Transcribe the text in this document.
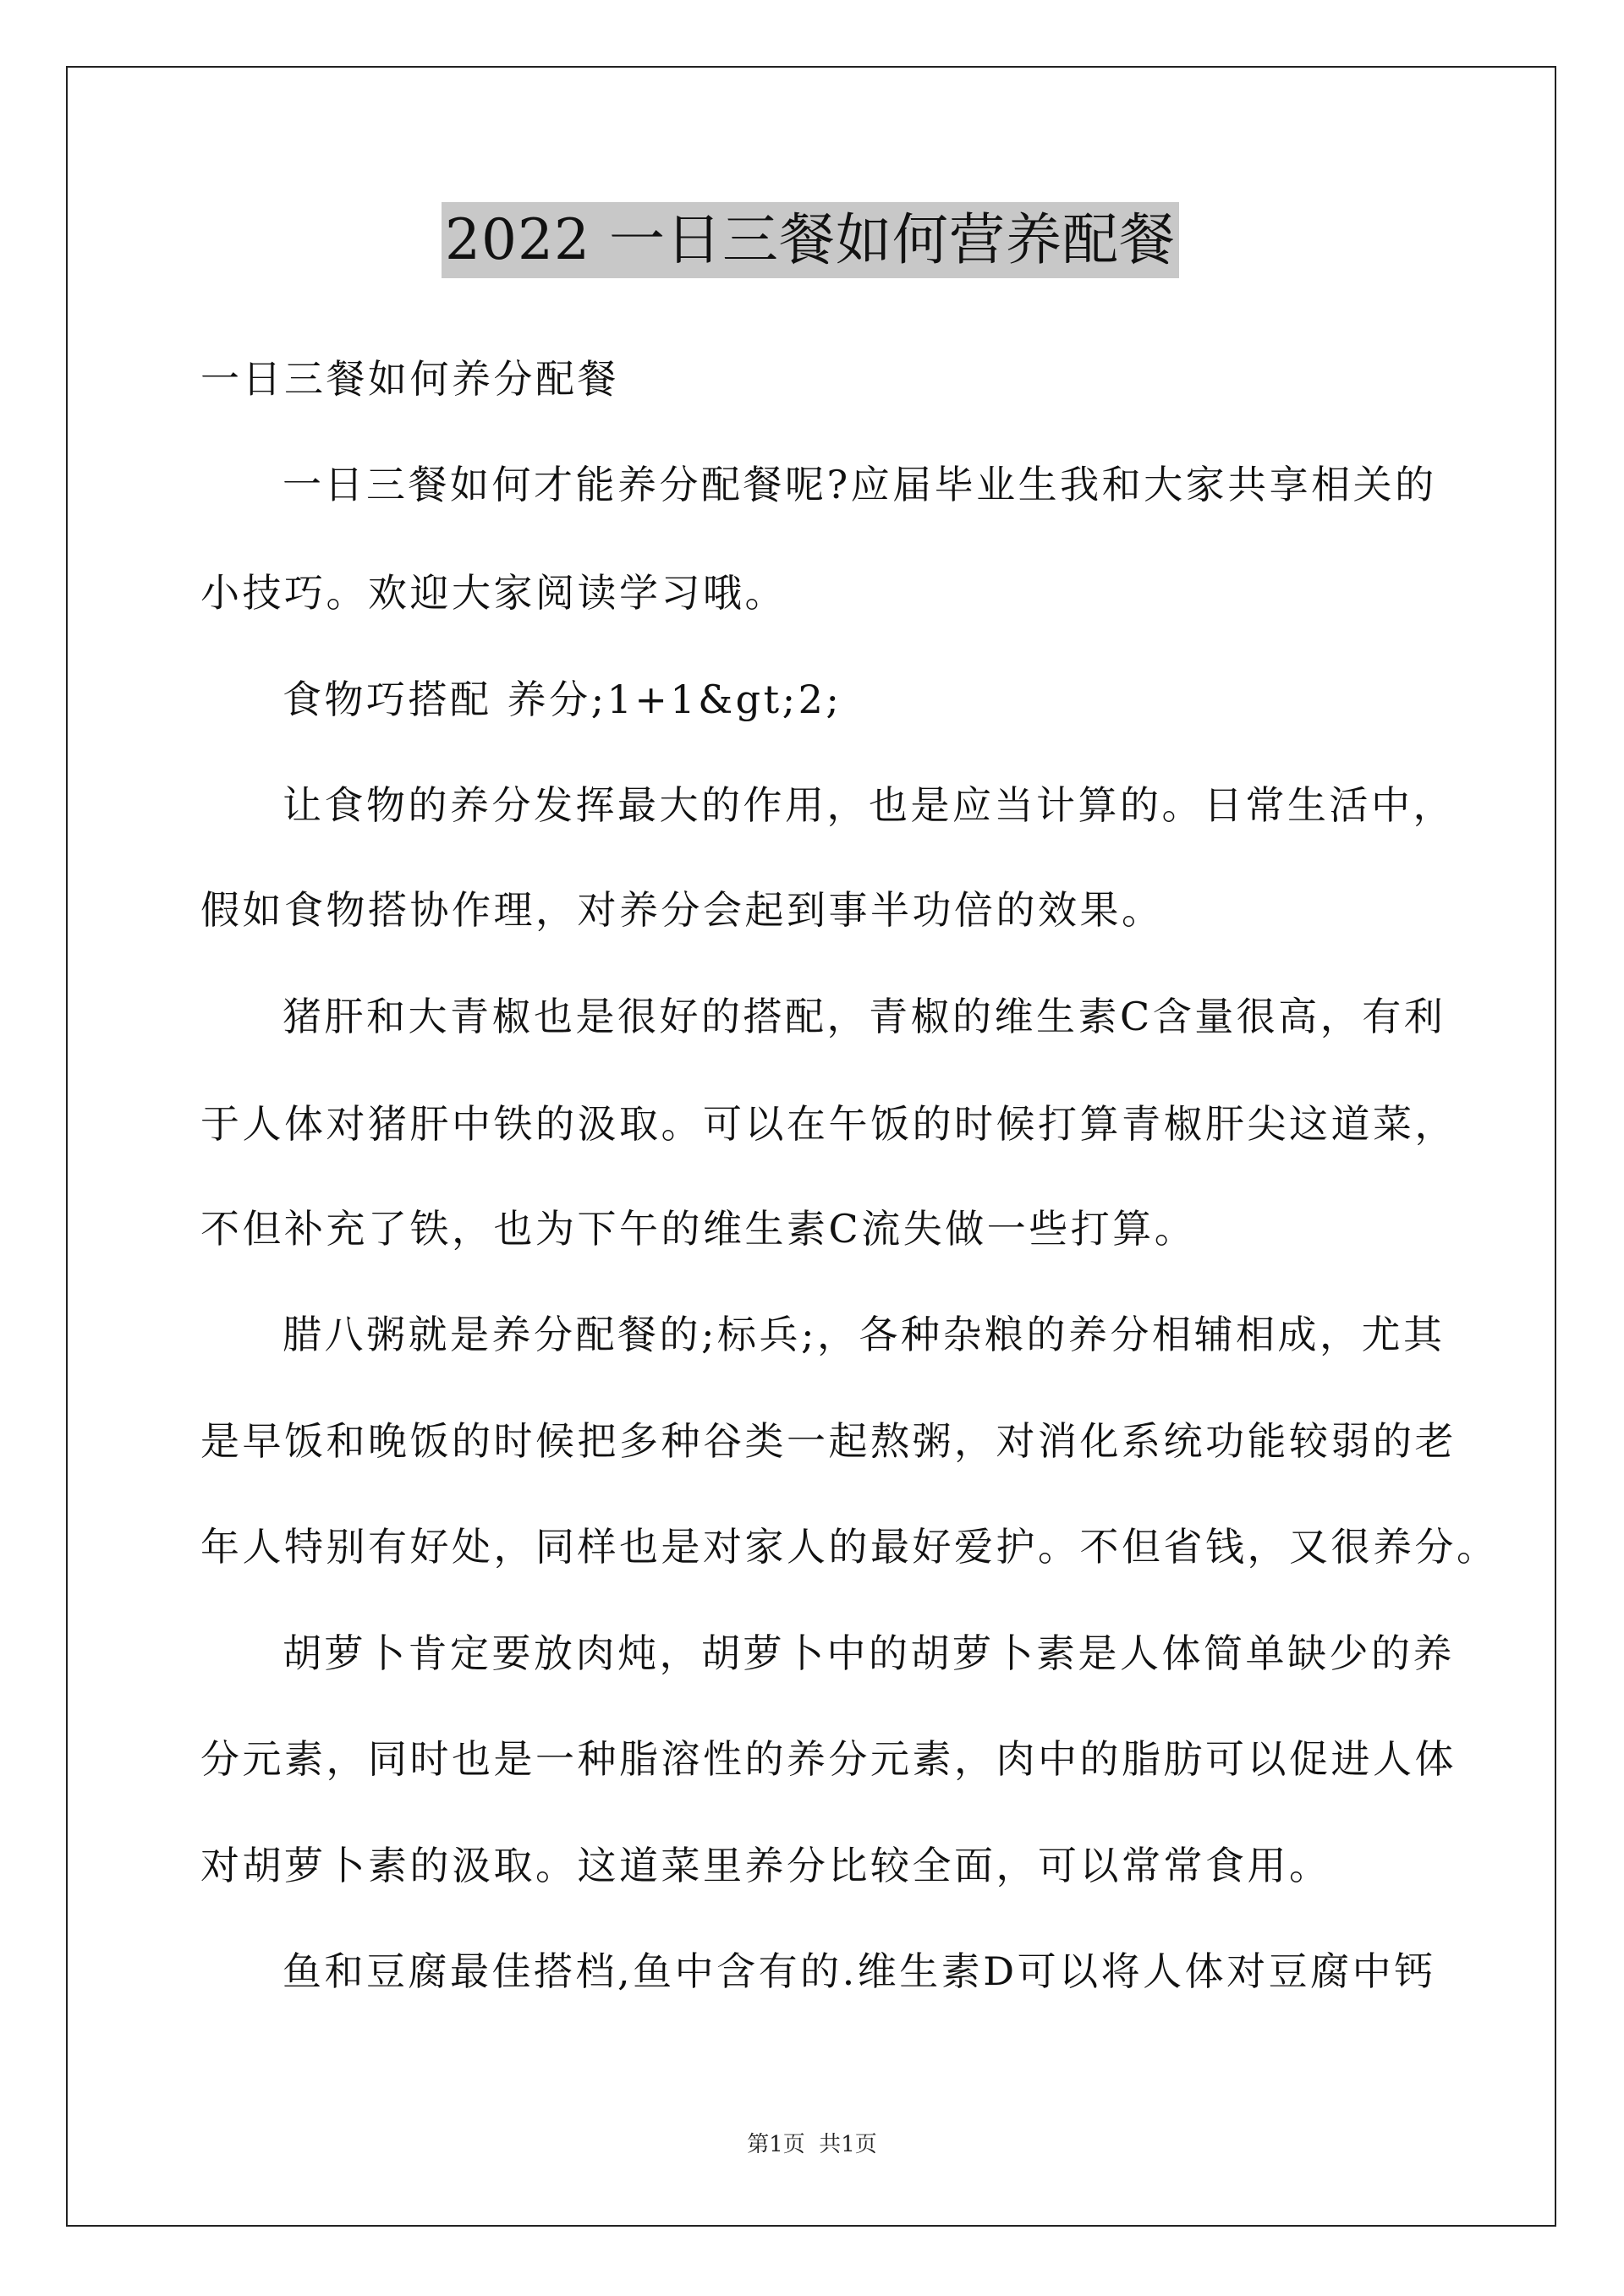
2022 一日三餐如何营养配餐
一日三餐如何养分配餐
一日三餐如何才能养分配餐呢?应届毕业生我和大家共享相关的
小技巧。欢迎大家阅读学习哦。
食物巧搭配 养分;1+1&gt;2;
让食物的养分发挥最大的作用，也是应当计算的。日常生活中，
假如食物搭协作理，对养分会起到事半功倍的效果。
猪肝和大青椒也是很好的搭配，青椒的维生素C含量很高，有利
于人体对猪肝中铁的汲取。可以在午饭的时候打算青椒肝尖这道菜，
不但补充了铁，也为下午的维生素C流失做一些打算。
腊八粥就是养分配餐的;标兵;，各种杂粮的养分相辅相成，尤其
是早饭和晚饭的时候把多种谷类一起熬粥，对消化系统功能较弱的老
年人特别有好处，同样也是对家人的最好爱护。不但省钱，又很养分。
胡萝卜肯定要放肉炖，胡萝卜中的胡萝卜素是人体简单缺少的养
分元素，同时也是一种脂溶性的养分元素，肉中的脂肪可以促进人体
对胡萝卜素的汲取。这道菜里养分比较全面，可以常常食用。
鱼和豆腐最佳搭档,鱼中含有的.维生素D可以将人体对豆腐中钙
第1页 共1页
